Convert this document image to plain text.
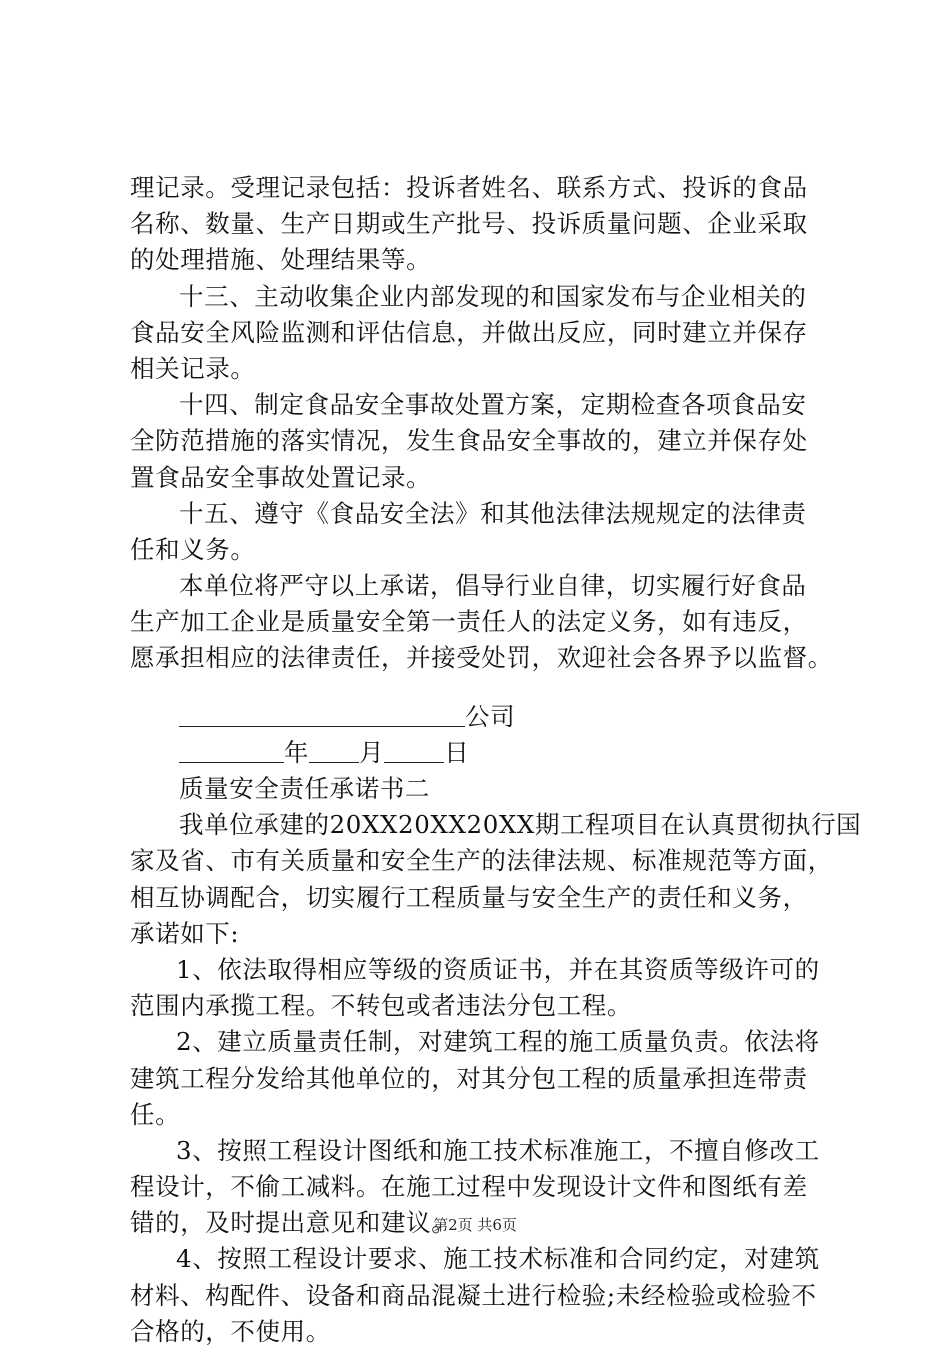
理记录。受理记录包括：投诉者姓名、联系方式、投诉的食品
名称、数量、生产日期或生产批号、投诉质量问题、企业采取
的处理措施、处理结果等。
十三、主动收集企业内部发现的和国家发布与企业相关的
食品安全风险监测和评估信息，并做出反应，同时建立并保存
相关记录。
十四、制定食品安全事故处置方案，定期检查各项食品安
全防范措施的落实情况，发生食品安全事故的，建立并保存处
置食品安全事故处置记录。
十五、遵守《食品安全法》和其他法律法规规定的法律责
任和义务。
本单位将严守以上承诺，倡导行业自律，切实履行好食品
生产加工企业是质量安全第一责任人的法定义务，如有违反，
愿承担相应的法律责任，并接受处罚，欢迎社会各界予以监督。
公司
年 月 日
质量安全责任承诺书二
我单位承建的20XX20XX20XX期工程项目在认真贯彻执行国
家及省、市有关质量和安全生产的法律法规、标准规范等方面，
相互协调配合，切实履行工程质量与安全生产的责任和义务，
承诺如下:
1、依法取得相应等级的资质证书，并在其资质等级许可的
范围内承揽工程。不转包或者违法分包工程。
2、建立质量责任制，对建筑工程的施工质量负责。依法将
建筑工程分发给其他单位的，对其分包工程的质量承担连带责
任。
3、按照工程设计图纸和施工技术标准施工，不擅自修改工
程设计，不偷工减料。在施工过程中发现设计文件和图纸有差
错的，及时提出意见和建议。
4、按照工程设计要求、施工技术标准和合同约定，对建筑
材料、构配件、设备和商品混凝土进行检验;未经检验或检验不
合格的，不使用。
第2页 共6页
